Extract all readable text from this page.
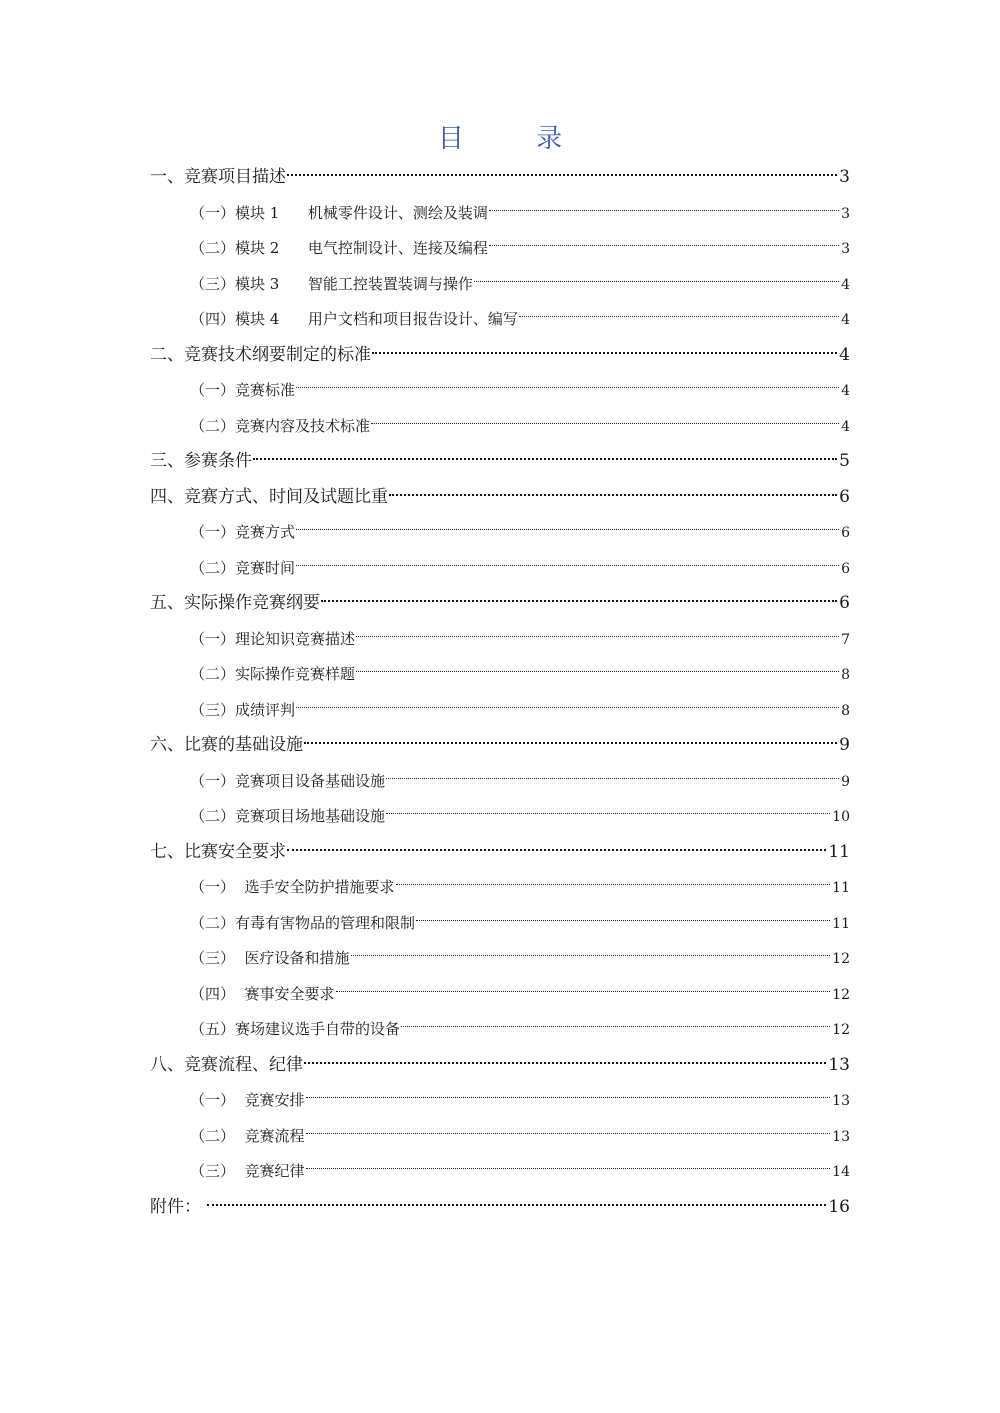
目 录
一、竞赛项目描述	3
（一）模块 1      机械零件设计、测绘及装调	3
（二）模块 2      电气控制设计、连接及编程	3
（三）模块 3      智能工控装置装调与操作	4
（四）模块 4      用户文档和项目报告设计、编写	4
二、竞赛技术纲要制定的标准	4
（一）竞赛标准	4
（二）竞赛内容及技术标准	4
三、参赛条件	5
四、竞赛方式、时间及试题比重	6
（一）竞赛方式	6
（二）竞赛时间	6
五、实际操作竞赛纲要	6
（一）理论知识竞赛描述	7
（二）实际操作竞赛样题	8
（三）成绩评判	8
六、比赛的基础设施	9
（一）竞赛项目设备基础设施	9
（二）竞赛项目场地基础设施	10
七、比赛安全要求	11
（一）  选手安全防护措施要求	11
（二）有毒有害物品的管理和限制	11
（三）  医疗设备和措施	12
（四）  赛事安全要求	12
（五）赛场建议选手自带的设备	12
八、竞赛流程、纪律	13
（一）  竞赛安排	13
（二）  竞赛流程	13
（三）  竞赛纪律	14
附件：	16
